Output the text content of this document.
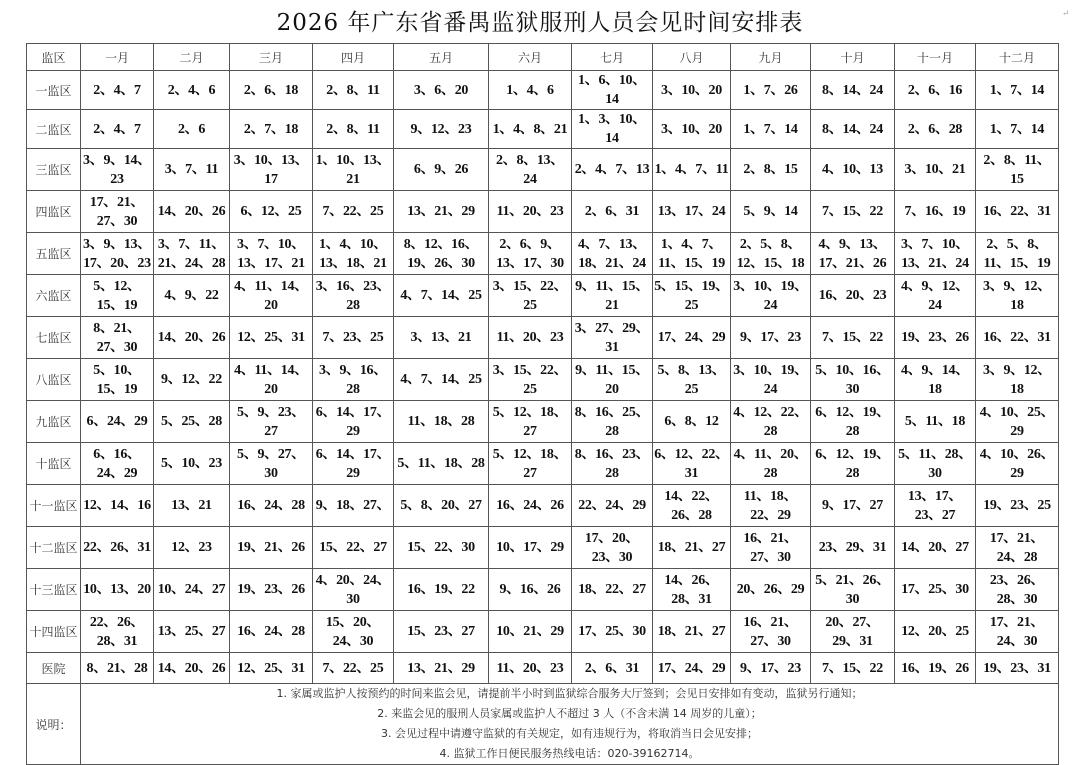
2026 年广东省番禺监狱服刑人员会见时间安排表	↵
监区	一月	二月	三月	四月	五月	六月	七月	八月	九月	十月	十一月	十二月
一监区	2、4、7	2、4、6	2、6、18	2、8、11	3、6、20	1、4、6	1、6、10、14	3、10、20	1、7、26	8、14、24	2、6、16	1、7、14
二监区	2、4、7	2、6	2、7、18	2、8、11	9、12、23	1、4、8、21	1、3、10、14	3、10、20	1、7、14	8、14、24	2、6、28	1、7、14
三监区	3、9、14、23	3、7、11	3、10、13、17	1、10、13、21	6、9、26	2、8、13、24	2、4、7、13	1、4、7、11	2、8、15	4、10、13	3、10、21	2、8、11、15
四监区	17、21、27、30	14、20、26	6、12、25	7、22、25	13、21、29	11、20、23	2、6、31	13、17、24	5、9、14	7、15、22	7、16、19	16、22、31
五监区	3、9、13、17、20、23	3、7、11、21、24、28	3、7、10、13、17、21	1、4、10、13、18、21	8、12、16、19、26、30	2、6、9、13、17、30	4、7、13、18、21、24	1、4、7、11、15、19	2、5、8、12、15、18	4、9、13、17、21、26	3、7、10、13、21、24	2、5、8、11、15、19
六监区	5、12、15、19	4、9、22	4、11、14、20	3、16、23、28	4、7、14、25	3、15、22、25	9、11、15、21	5、15、19、25	3、10、19、24	16、20、23	4、9、12、24	3、9、12、18
七监区	8、21、27、30	14、20、26	12、25、31	7、23、25	3、13、21	11、20、23	3、27、29、31	17、24、29	9、17、23	7、15、22	19、23、26	16、22、31
八监区	5、10、15、19	9、12、22	4、11、14、20	3、9、16、28	4、7、14、25	3、15、22、25	9、11、15、20	5、8、13、25	3、10、19、24	5、10、16、30	4、9、14、18	3、9、12、18
九监区	6、24、29	5、25、28	5、9、23、27	6、14、17、29	11、18、28	5、12、18、27	8、16、25、28	6、8、12	4、12、22、28	6、12、19、28	5、11、18	4、10、25、29
十监区	6、16、24、29	5、10、23	5、9、27、30	6、14、17、29	5、11、18、28	5、12、18、27	8、16、23、28	6、12、22、31	4、11、20、28	6、12、19、28	5、11、28、30	4、10、26、29
十一监区	12、14、16	13、21	16、24、28	9、18、27、	5、8、20、27	16、24、26	22、24、29	14、22、26、28	11、18、22、29	9、17、27	13、17、23、27	19、23、25
十二监区	22、26、31	12、23	19、21、26	15、22、27	15、22、30	10、17、29	17、20、23、30	18、21、27	16、21、27、30	23、29、31	14、20、27	17、21、24、28
十三监区	10、13、20	10、24、27	19、23、26	4、20、24、30	16、19、22	9、16、26	18、22、27	14、26、28、31	20、26、29	5、21、26、30	17、25、30	23、26、28、30
十四监区	22、26、28、31	13、25、27	16、24、28	15、20、24、30	15、23、27	10、21、29	17、25、30	18、21、27	16、21、27、30	20、27、29、31	12、20、25	17、21、24、30
医院	8、21、28	14、20、26	12、25、31	7、22、25	13、21、29	11、20、23	2、6、31	17、24、29	9、17、23	7、15、22	16、19、26	19、23、31
说明：	1. 家属或监护人按预约的时间来监会见，请提前半小时到监狱综合服务大厅签到；会见日安排如有变动，监狱另行通知；
2. 来监会见的服刑人员家属或监护人不超过 3 人（不含未满 14 周岁的儿童）；
3. 会见过程中请遵守监狱的有关规定，如有违规行为，将取消当日会见安排；
4. 监狱工作日便民服务热线电话：020-39162714。											
